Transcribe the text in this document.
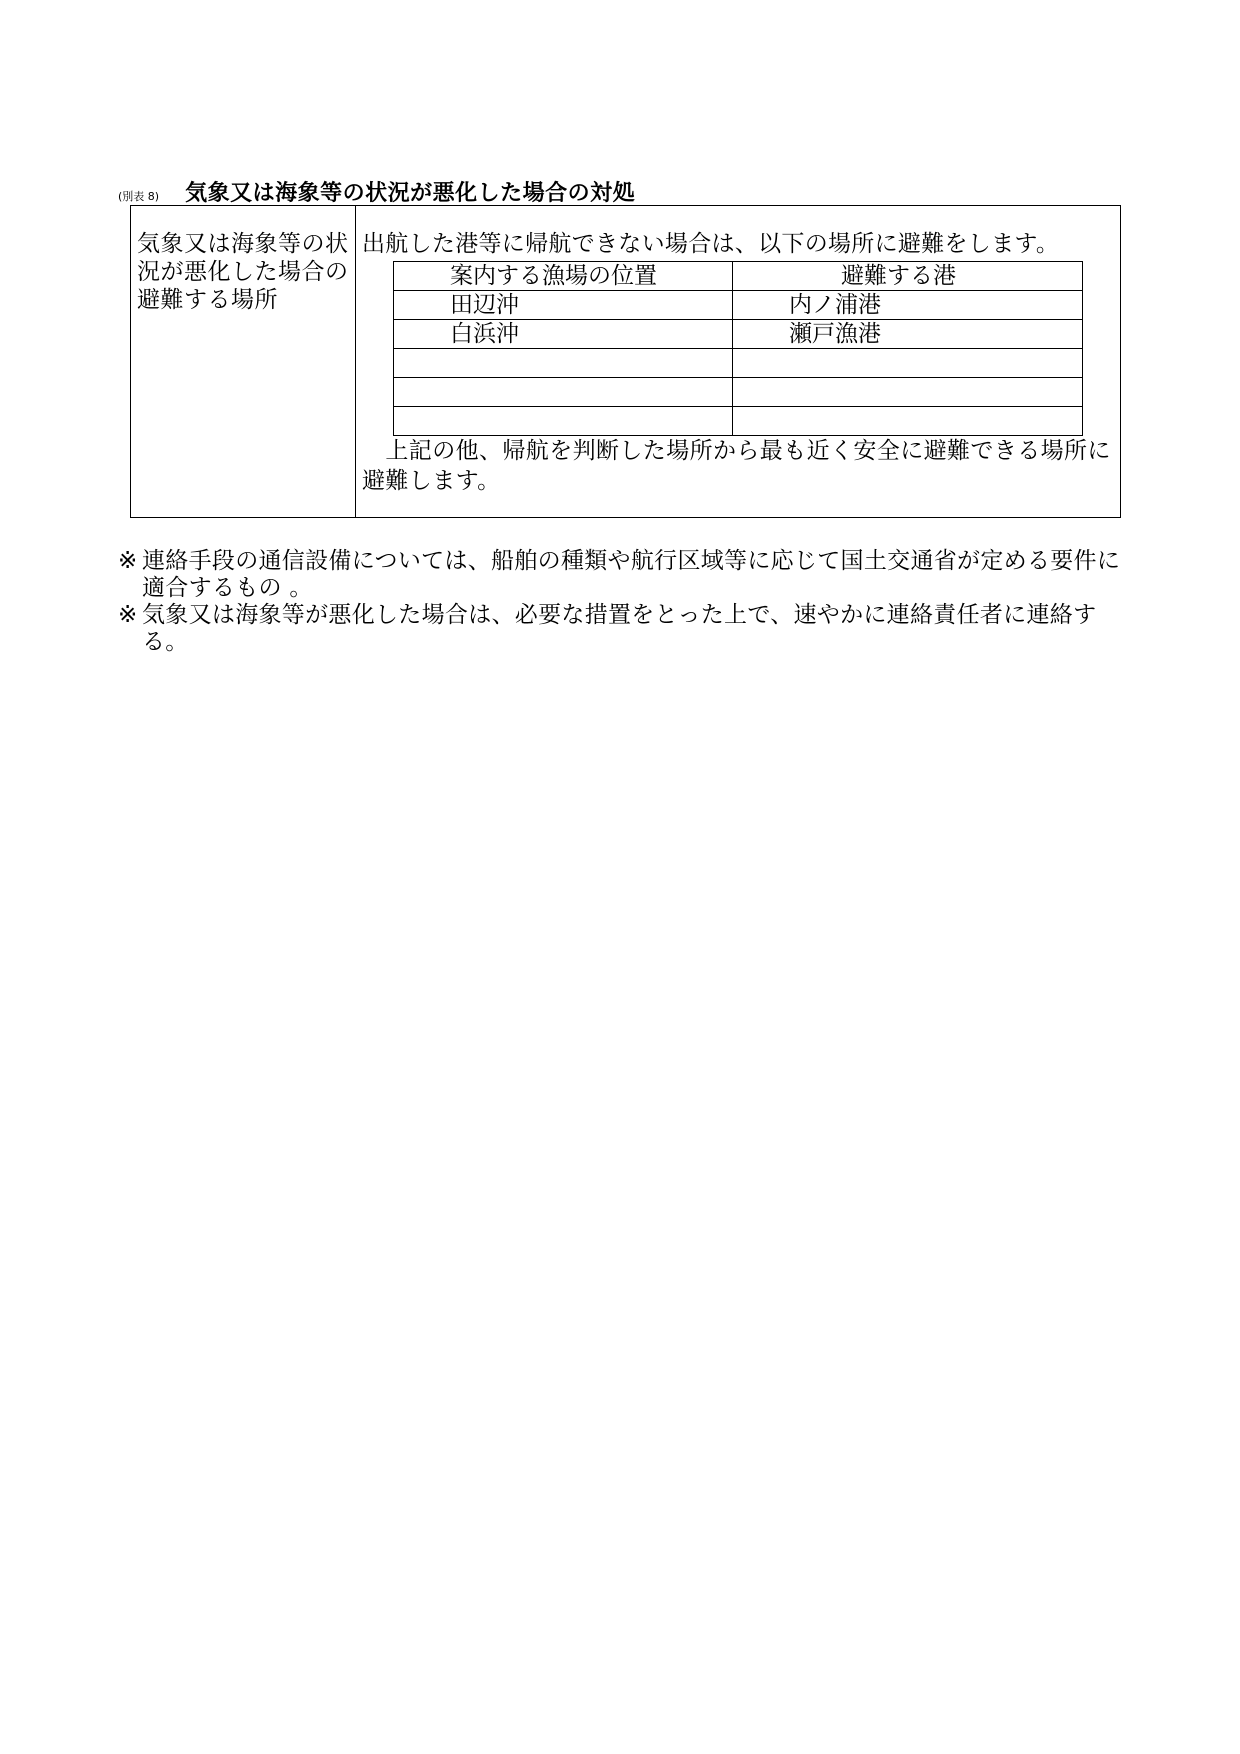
(別表 8) 気象又は海象等の状況が悪化した場合の対処
気象又は海象等の状況が悪化した場合の避難する場所
出航した港等に帰航できない場合は、以下の場所に避難をします。
案内する漁場の位置	避難する港
田辺沖	内ノ浦港
白浜沖	瀬戸漁港

　上記の他、帰航を判断した場所から最も近く安全に避難できる場所に避難します。
※ 連絡手段の通信設備については、船舶の種類や航行区域等に応じて国土交通省が定める要件に適合するもの 。
※ 気象又は海象等が悪化した場合は、必要な措置をとった上で、速やかに連絡責任者に連絡する。
